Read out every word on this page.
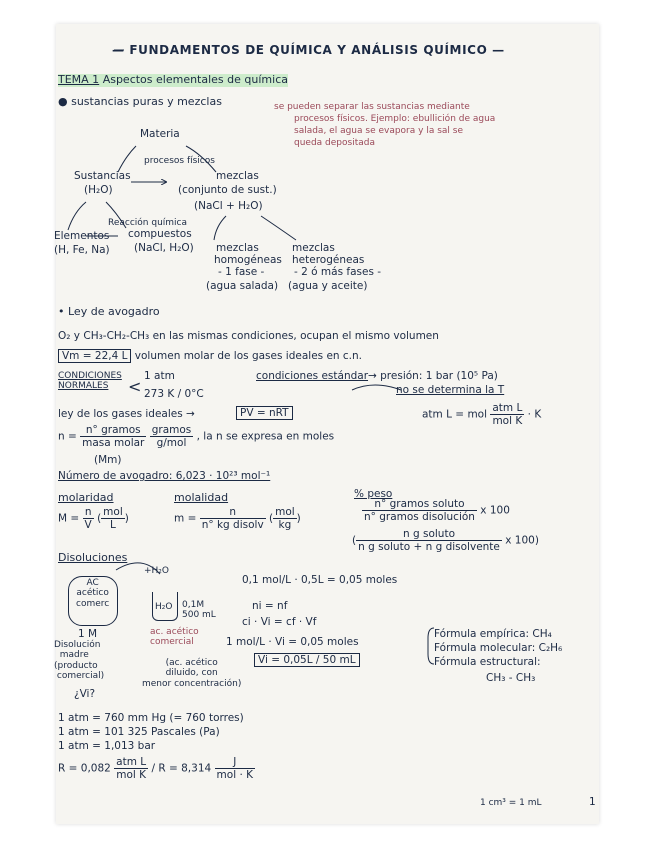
— FUNDAMENTOS DE QUÍMICA Y ANÁLISIS QUÍMICO —
TEMA 1 Aspectos elementales de química
● sustancias puras y mezclas	se pueden separar las sustancias mediante
procesos físicos. Ejemplo: ebullición de agua
salada, el agua se evapora y la sal se
queda depositada
Materia
procesos físicos
Sustancias
(H₂O)
mezclas
(conjunto de sust.)
(NaCl + H₂O)
Reacción química
Elementos
(H, Fe, Na)
compuestos
(NaCl, H₂O) mezclas
homogéneas
- 1 fase -
(agua salada)
mezclas
heterogéneas
- 2 ó más fases -
(agua y aceite)
• Ley de avogadro
O₂ y CH₃-CH₂-CH₃ en las mismas condiciones, ocupan el mismo volumen
Vm = 22,4 L volumen molar de los gases ideales en c.n.
CONDICIONES
NORMALES	<
1 atm
273 K / 0°C
condiciones estándar → presión: 1 bar (10⁵ Pa)
no se determina la T
ley de los gases ideales →	PV = nRT	atm L = mol
atm L
mol K
· K
n =
n° gramos
masa molar

gramos
g/mol
, la n se expresa en moles
(Mm)
Número de avogadro: 6,023 · 10²³ mol⁻¹
molaridad
$M = \frac{n}{V}$ (
mol
L
)
molalidad
m =
n
n° kg disolv
(
mol
kg
)
% peso
n° gramos soluto
n° gramos disolución
x 100
(
n g soluto
n g soluto + n g disolvente
x 100)
Disoluciones
AC
acético
comerc
+H₂O
1 M
Disolución
madre
(producto
comercial)
¿Vi?
H₂O 0,1M
500 mL
ac. acético
comercial
(ac. acético
diluido, con
menor concentración)
0,1 mol/L · 0,5L = 0,05 moles
ni = nf
ci · Vi = cf · Vf
1 mol/L · Vi = 0,05 moles
Vi = 0,05L / 50 mL
Fórmula empírica: CH₄
Fórmula molecular: C₂H₆
Fórmula estructural:
CH₃ - CH₃
1 atm = 760 mm Hg (= 760 torres)
1 atm = 101 325 Pascales (Pa)
1 atm = 1,013 bar
R = 0,082
atm L
mol K
/ R = 8,314
J
mol · K
1 cm³ = 1 mL	1
